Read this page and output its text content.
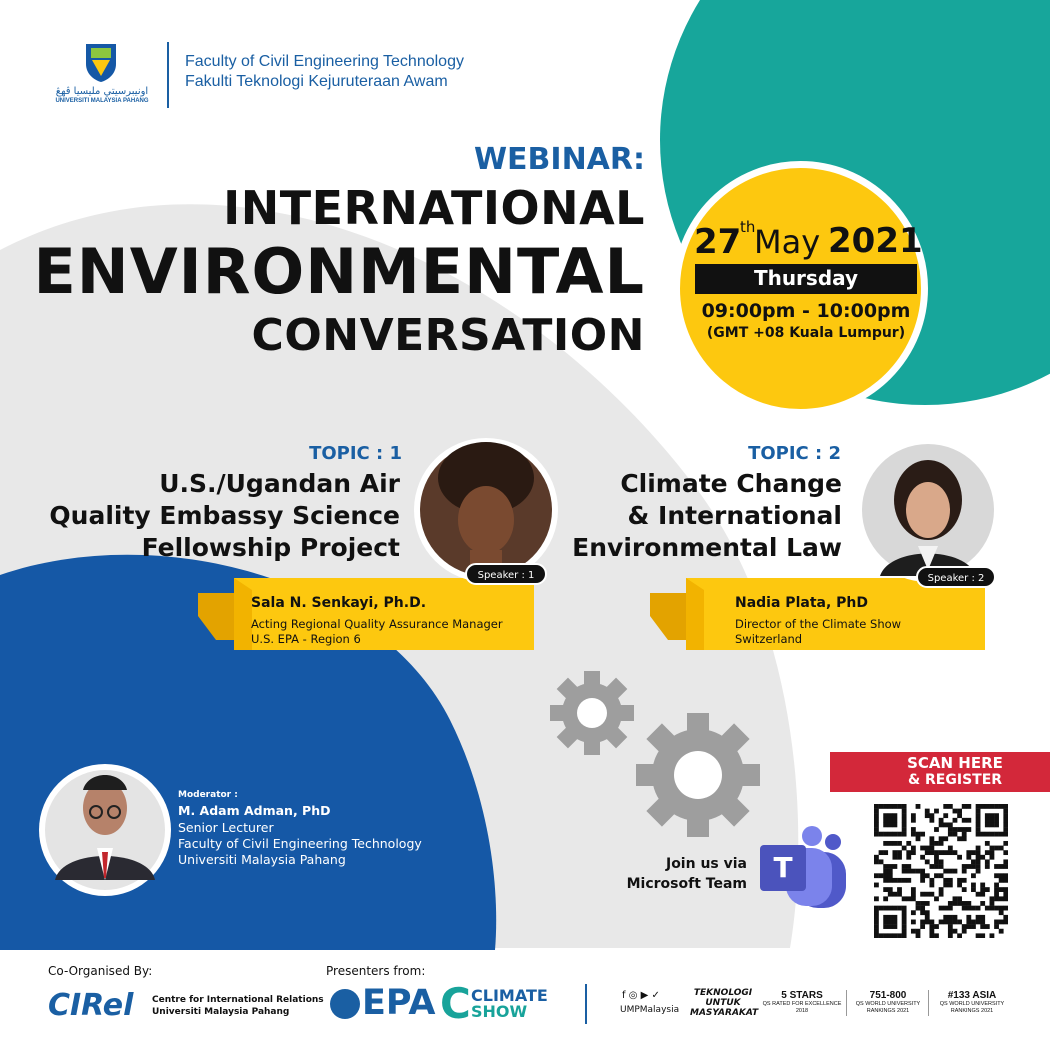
اونيبرسيتي مليسيا ڤهڠ
UNIVERSITI MALAYSIA PAHANG
Faculty of Civil Engineering Technology
Fakulti Teknologi Kejuruteraan Awam
WEBINAR:
INTERNATIONAL
ENVIRONMENTAL
CONVERSATION
27
th
May 2021
Thursday
09:00pm - 10:00pm
(GMT +08 Kuala Lumpur)
TOPIC : 1
U.S./Ugandan Air
Quality Embassy Science
Fellowship Project
Speaker : 1
Sala N. Senkayi, Ph.D.
Acting Regional Quality Assurance Manager
U.S. EPA - Region 6
TOPIC : 2
Climate Change
& International
Environmental Law
Speaker : 2
Nadia Plata, PhD
Director of the Climate Show
Switzerland
Moderator :
M. Adam Adman, PhD
Senior Lecturer
Faculty of Civil Engineering Technology
Universiti Malaysia Pahang	Join us via
Microsoft Team T
SCAN HERE
& REGISTER
Co-Organised By:
CIRel Centre for International Relations
Universiti Malaysia Pahang
Presenters from:
EPA C CLIMATE
SHOW
f ◎ ▶ ✓
UMPMalaysia
TEKNOLOGI
UNTUK
MASYARAKAT
5 STARS
QS RATED FOR EXCELLENCE
2018
751-800
QS WORLD UNIVERSITY
RANKINGS 2021
#133 ASIA
QS WORLD UNIVERSITY
RANKINGS 2021
